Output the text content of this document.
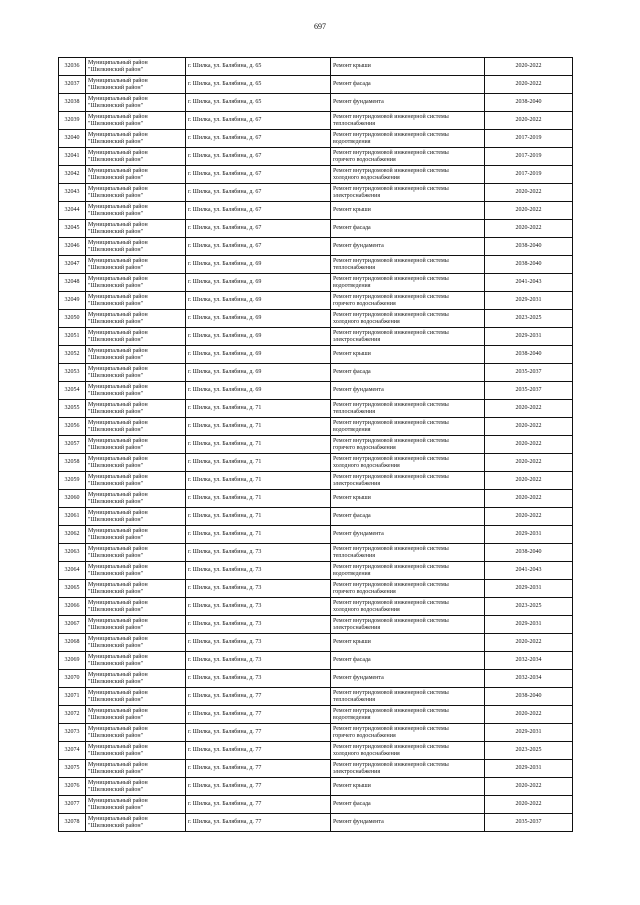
697
32036	Муниципальный район
"Шилкинский район"	г. Шилка, ул. Балябина, д. 65	Ремонт крыши	2020-2022
32037	Муниципальный район
"Шилкинский район"	г. Шилка, ул. Балябина, д. 65	Ремонт фасада	2020-2022
32038	Муниципальный район
"Шилкинский район"	г. Шилка, ул. Балябина, д. 65	Ремонт фундамента	2038-2040
32039	Муниципальный район
"Шилкинский район"	г. Шилка, ул. Балябина, д. 67	Ремонт внутридомовой инженерной системы
теплоснабжения	2020-2022
32040	Муниципальный район
"Шилкинский район"	г. Шилка, ул. Балябина, д. 67	Ремонт внутридомовой инженерной системы
водоотведения	2017-2019
32041	Муниципальный район
"Шилкинский район"	г. Шилка, ул. Балябина, д. 67	Ремонт внутридомовой инженерной системы
горячего водоснабжения	2017-2019
32042	Муниципальный район
"Шилкинский район"	г. Шилка, ул. Балябина, д. 67	Ремонт внутридомовой инженерной системы
холодного водоснабжения	2017-2019
32043	Муниципальный район
"Шилкинский район"	г. Шилка, ул. Балябина, д. 67	Ремонт внутридомовой инженерной системы
электроснабжения	2020-2022
32044	Муниципальный район
"Шилкинский район"	г. Шилка, ул. Балябина, д. 67	Ремонт крыши	2020-2022
32045	Муниципальный район
"Шилкинский район"	г. Шилка, ул. Балябина, д. 67	Ремонт фасада	2020-2022
32046	Муниципальный район
"Шилкинский район"	г. Шилка, ул. Балябина, д. 67	Ремонт фундамента	2038-2040
32047	Муниципальный район
"Шилкинский район"	г. Шилка, ул. Балябина, д. 69	Ремонт внутридомовой инженерной системы
теплоснабжения	2038-2040
32048	Муниципальный район
"Шилкинский район"	г. Шилка, ул. Балябина, д. 69	Ремонт внутридомовой инженерной системы
водоотведения	2041-2043
32049	Муниципальный район
"Шилкинский район"	г. Шилка, ул. Балябина, д. 69	Ремонт внутридомовой инженерной системы
горячего водоснабжения	2029-2031
32050	Муниципальный район
"Шилкинский район"	г. Шилка, ул. Балябина, д. 69	Ремонт внутридомовой инженерной системы
холодного водоснабжения	2023-2025
32051	Муниципальный район
"Шилкинский район"	г. Шилка, ул. Балябина, д. 69	Ремонт внутридомовой инженерной системы
электроснабжения	2029-2031
32052	Муниципальный район
"Шилкинский район"	г. Шилка, ул. Балябина, д. 69	Ремонт крыши	2038-2040
32053	Муниципальный район
"Шилкинский район"	г. Шилка, ул. Балябина, д. 69	Ремонт фасада	2035-2037
32054	Муниципальный район
"Шилкинский район"	г. Шилка, ул. Балябина, д. 69	Ремонт фундамента	2035-2037
32055	Муниципальный район
"Шилкинский район"	г. Шилка, ул. Балябина, д. 71	Ремонт внутридомовой инженерной системы
теплоснабжения	2020-2022
32056	Муниципальный район
"Шилкинский район"	г. Шилка, ул. Балябина, д. 71	Ремонт внутридомовой инженерной системы
водоотведения	2020-2022
32057	Муниципальный район
"Шилкинский район"	г. Шилка, ул. Балябина, д. 71	Ремонт внутридомовой инженерной системы
горячего водоснабжения	2020-2022
32058	Муниципальный район
"Шилкинский район"	г. Шилка, ул. Балябина, д. 71	Ремонт внутридомовой инженерной системы
холодного водоснабжения	2020-2022
32059	Муниципальный район
"Шилкинский район"	г. Шилка, ул. Балябина, д. 71	Ремонт внутридомовой инженерной системы
электроснабжения	2020-2022
32060	Муниципальный район
"Шилкинский район"	г. Шилка, ул. Балябина, д. 71	Ремонт крыши	2020-2022
32061	Муниципальный район
"Шилкинский район"	г. Шилка, ул. Балябина, д. 71	Ремонт фасада	2020-2022
32062	Муниципальный район
"Шилкинский район"	г. Шилка, ул. Балябина, д. 71	Ремонт фундамента	2029-2031
32063	Муниципальный район
"Шилкинский район"	г. Шилка, ул. Балябина, д. 73	Ремонт внутридомовой инженерной системы
теплоснабжения	2038-2040
32064	Муниципальный район
"Шилкинский район"	г. Шилка, ул. Балябина, д. 73	Ремонт внутридомовой инженерной системы
водоотведения	2041-2043
32065	Муниципальный район
"Шилкинский район"	г. Шилка, ул. Балябина, д. 73	Ремонт внутридомовой инженерной системы
горячего водоснабжения	2029-2031
32066	Муниципальный район
"Шилкинский район"	г. Шилка, ул. Балябина, д. 73	Ремонт внутридомовой инженерной системы
холодного водоснабжения	2023-2025
32067	Муниципальный район
"Шилкинский район"	г. Шилка, ул. Балябина, д. 73	Ремонт внутридомовой инженерной системы
электроснабжения	2029-2031
32068	Муниципальный район
"Шилкинский район"	г. Шилка, ул. Балябина, д. 73	Ремонт крыши	2020-2022
32069	Муниципальный район
"Шилкинский район"	г. Шилка, ул. Балябина, д. 73	Ремонт фасада	2032-2034
32070	Муниципальный район
"Шилкинский район"	г. Шилка, ул. Балябина, д. 73	Ремонт фундамента	2032-2034
32071	Муниципальный район
"Шилкинский район"	г. Шилка, ул. Балябина, д. 77	Ремонт внутридомовой инженерной системы
теплоснабжения	2038-2040
32072	Муниципальный район
"Шилкинский район"	г. Шилка, ул. Балябина, д. 77	Ремонт внутридомовой инженерной системы
водоотведения	2020-2022
32073	Муниципальный район
"Шилкинский район"	г. Шилка, ул. Балябина, д. 77	Ремонт внутридомовой инженерной системы
горячего водоснабжения	2029-2031
32074	Муниципальный район
"Шилкинский район"	г. Шилка, ул. Балябина, д. 77	Ремонт внутридомовой инженерной системы
холодного водоснабжения	2023-2025
32075	Муниципальный район
"Шилкинский район"	г. Шилка, ул. Балябина, д. 77	Ремонт внутридомовой инженерной системы
электроснабжения	2029-2031
32076	Муниципальный район
"Шилкинский район"	г. Шилка, ул. Балябина, д. 77	Ремонт крыши	2020-2022
32077	Муниципальный район
"Шилкинский район"	г. Шилка, ул. Балябина, д. 77	Ремонт фасада	2020-2022
32078	Муниципальный район
"Шилкинский район"	г. Шилка, ул. Балябина, д. 77	Ремонт фундамента	2035-2037
